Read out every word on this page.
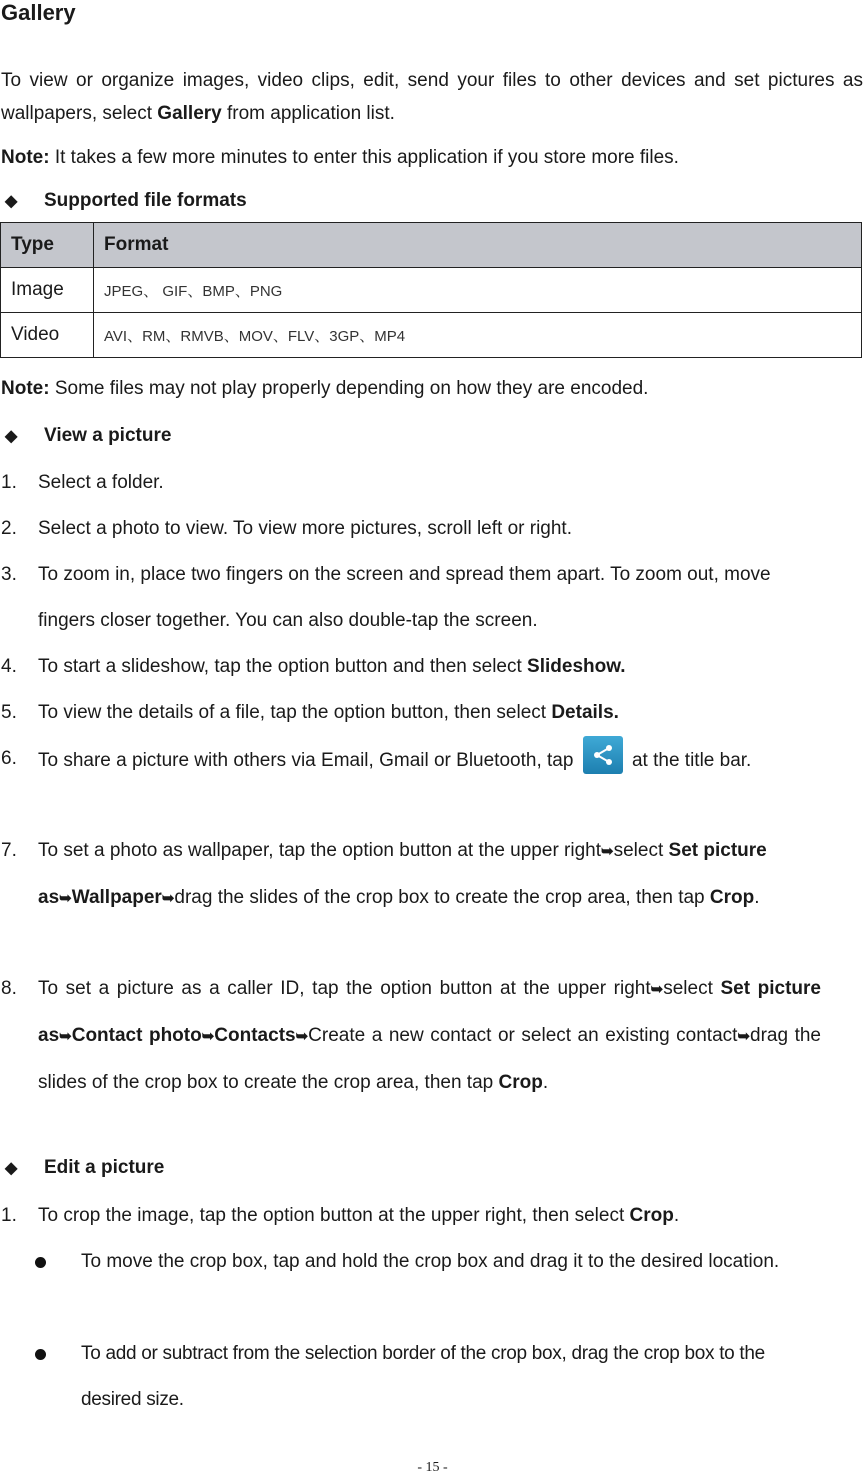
Gallery
To view or organize images, video clips, edit, send your files to other devices and set pictures as wallpapers, select Gallery from application list.
Note: It takes a few more minutes to enter this application if you store more files.
◆ Supported file formats
Type	Format
Image	JPEG、 GIF、BMP、PNG
Video	AVI、RM、RMVB、MOV、FLV、3GP、MP4
Note: Some files may not play properly depending on how they are encoded.
◆ View a picture
1. Select a folder.
2. Select a photo to view. To view more pictures, scroll left or right.
3. To zoom in, place two fingers on the screen and spread them apart. To zoom out, move fingers closer together. You can also double-tap the screen.
4. To start a slideshow, tap the option button and then select Slideshow.
5. To view the details of a file, tap the option button, then select Details.
6. To share a picture with others via Email, Gmail or Bluetooth, tap	at the title bar.
7. To set a photo as wallpaper, tap the option button at the upper right➥select Set picture as➥Wallpaper➥drag the slides of the crop box to create the crop area, then tap Crop.
8. To set a picture as a caller ID, tap the option button at the upper right➥select Set picture as➥Contact photo➥Contacts➥Create a new contact or select an existing contact➥drag the slides of the crop box to create the crop area, then tap Crop.
◆ Edit a picture
1. To crop the image, tap the option button at the upper right, then select Crop.
To move the crop box, tap and hold the crop box and drag it to the desired location.
To add or subtract from the selection border of the crop box, drag the crop box to the desired size.
- 15 -
